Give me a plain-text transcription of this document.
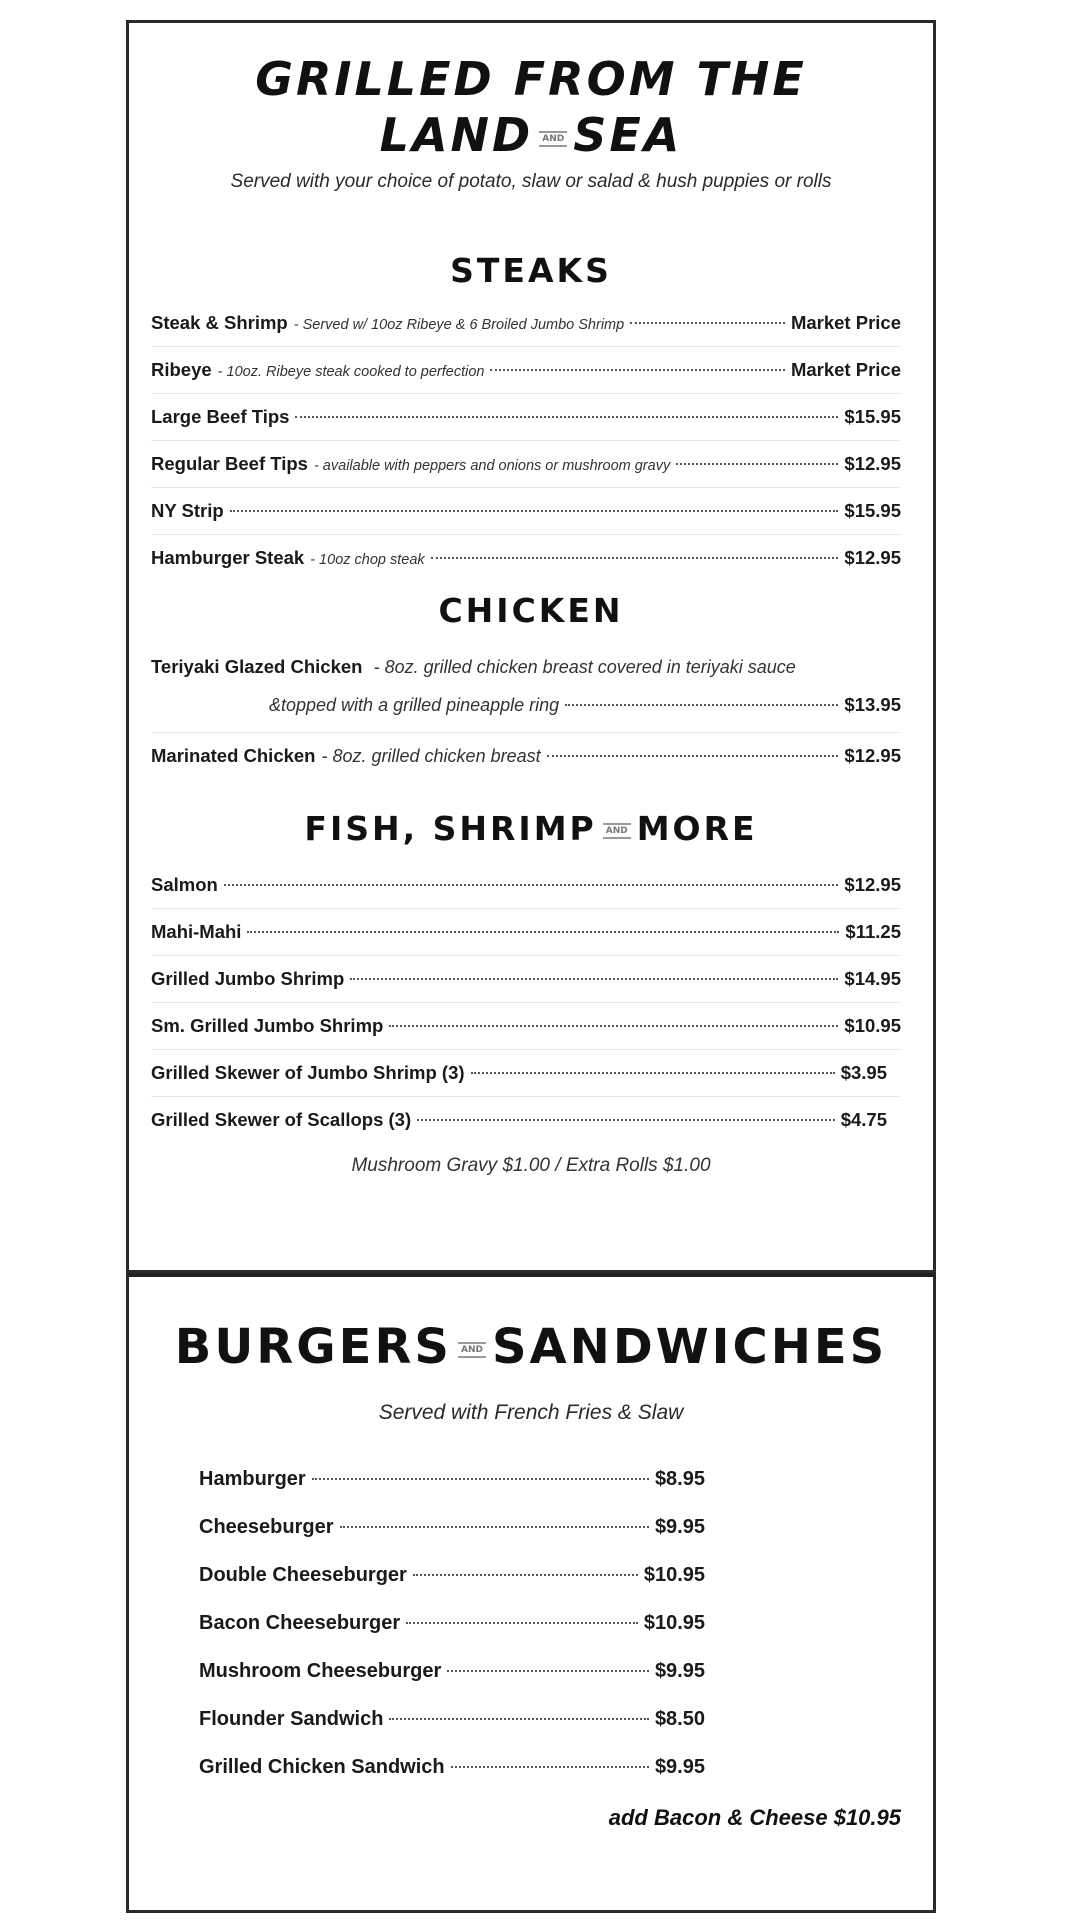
GRILLED FROM THE
LAND AND SEA
Served with your choice of potato, slaw or salad & hush puppies or rolls
STEAKS
Steak & Shrimp - Served w/ 10oz Ribeye & 6 Broiled Jumbo Shrimp	Market Price
Ribeye - 10oz. Ribeye steak cooked to perfection	Market Price
Large Beef Tips	$15.95
Regular Beef Tips - available with peppers and onions or mushroom gravy	$12.95
NY Strip	$15.95
Hamburger Steak - 10oz chop steak	$12.95
CHICKEN
Teriyaki Glazed Chicken - 8oz. grilled chicken breast covered in teriyaki sauce
&topped with a grilled pineapple ring	$13.95
Marinated Chicken - 8oz. grilled chicken breast	$12.95
FISH, SHRIMP AND MORE
Salmon	$12.95
Mahi-Mahi	$11.25
Grilled Jumbo Shrimp	$14.95
Sm. Grilled Jumbo Shrimp	$10.95
Grilled Skewer of Jumbo Shrimp (3)	$3.95
Grilled Skewer of Scallops (3)	$4.75
Mushroom Gravy $1.00 / Extra Rolls $1.00
BURGERS AND SANDWICHES
Served with French Fries & Slaw
Hamburger	$8.95
Cheeseburger	$9.95
Double Cheeseburger	$10.95
Bacon Cheeseburger	$10.95
Mushroom Cheeseburger	$9.95
Flounder Sandwich	$8.50
Grilled Chicken Sandwich	$9.95
add Bacon & Cheese $10.95
